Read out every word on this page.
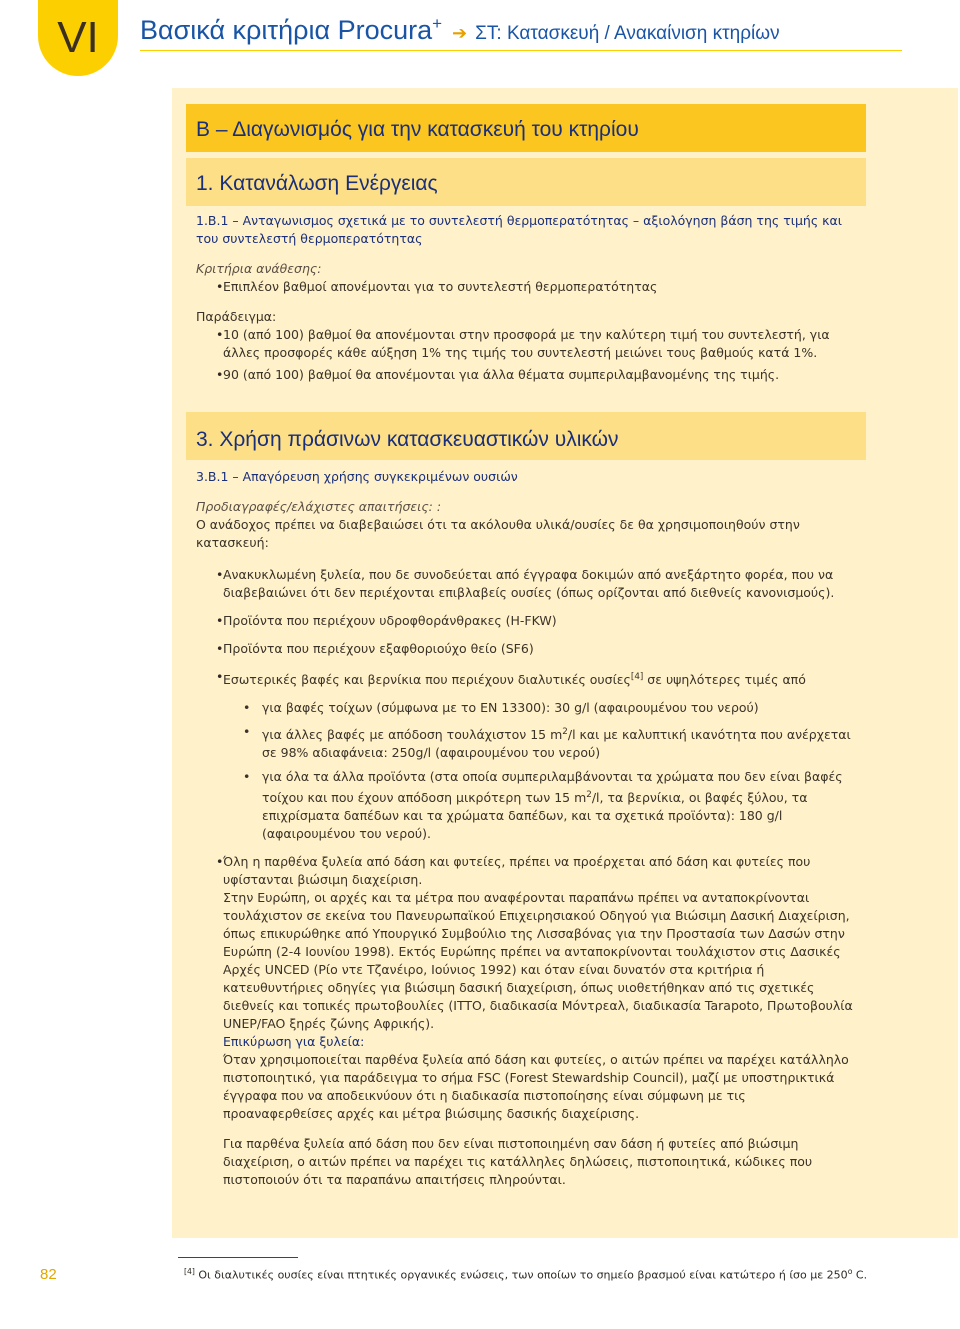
VI	Βασικά κριτήρια Procura+ ➔ ΣΤ: Κατασκευή / Ανακαίνιση κτηρίων
Β – Διαγωνισμός για την κατασκευή του κτηρίου
1. Κατανάλωση Ενέργειας

1.Β.1 – Ανταγωνισμος σχετικά με το συντελεστή θερμοπερατότητας – αξιολόγηση βάση της τιμής και του συντελεστή θερμοπερατότητας

Κριτήρια ανάθεσης:

• Επιπλέον βαθμοί απονέμονται για το συντελεστή θερμοπερατότητας

Παράδειγμα:

• 10 (από 100) βαθμοί θα απονέμονται στην προσφορά με την καλύτερη τιμή του συντελεστή, για άλλες προσφορές κάθε αύξηση 1% της τιμής του συντελεστή μειώνει τους βαθμούς κατά 1%.
• 90 (από 100) βαθμοί θα απονέμονται για άλλα θέματα συμπεριλαμβανομένης της τιμής.
3. Χρήση πράσινων κατασκευαστικών υλικών

3.Β.1 – Απαγόρευση χρήσης συγκεκριμένων ουσιών

Προδιαγραφές/ελάχιστες απαιτήσεις: :

Ο ανάδοχος πρέπει να διαβεβαιώσει ότι τα ακόλουθα υλικά/ουσίες δε θα χρησιμοποιηθούν στην κατασκευή:

• Ανακυκλωμένη ξυλεία, που δε συνοδεύεται από έγγραφα δοκιμών από ανεξάρτητο φορέα, που να διαβεβαιώνει ότι δεν περιέχονται επιβλαβείς ουσίες (όπως ορίζονται από διεθνείς κανονισμούς).
• Προϊόντα που περιέχουν υδροφθοράνθρακες (H-FKW)
• Προϊόντα που περιέχουν εξαφθοριούχο θείο (SF6)
• Εσωτερικές βαφές και βερνίκια που περιέχουν διαλυτικές ουσίες[4] σε υψηλότερες τιμές από
• για βαφές τοίχων (σύμφωνα με το EN 13300): 30 g/l (αφαιρουμένου του νερού)
• για άλλες βαφές με απόδοση τουλάχιστον 15 $m^2/l$ και με καλυπτική ικανότητα που ανέρχεται σε 98% αδιαφάνεια: 250g/l (αφαιρουμένου του νερού)
• για όλα τα άλλα προϊόντα (στα οποία συμπεριλαμβάνονται τα χρώματα που δεν είναι βαφές τοίχου και που έχουν απόδοση μικρότερη των 15 $m^2/l$, τα βερνίκια, οι βαφές ξύλου, τα επιχρίσματα δαπέδων και τα χρώματα δαπέδων, και τα σχετικά προϊόντα): 180 g/l (αφαιρουμένου του νερού).

• Όλη η παρθένα ξυλεία από δάση και φυτείες, πρέπει να προέρχεται από δάση και φυτείες που υφίστανται βιώσιμη διαχείριση.

Στην Ευρώπη, οι αρχές και τα μέτρα που αναφέρονται παραπάνω πρέπει να ανταποκρίνονται τουλάχιστον σε εκείνα του Πανευρωπαϊκού Επιχειρησιακού Οδηγού για Βιώσιμη Δασική Διαχείριση, όπως επικυρώθηκε από Υπουργικό Συμβούλιο της Λισσαβόνας για την Προστασία των Δασών στην Ευρώπη (2-4 Ιουνίου 1998). Εκτός Ευρώπης πρέπει να ανταποκρίνονται τουλάχιστον στις Δασικές Αρχές UNCED (Ρίο ντε Τζανέιρο, Ιούνιος 1992) και όταν είναι δυνατόν στα κριτήρια ή κατευθυντήριες οδηγίες για βιώσιμη δασική διαχείριση, όπως υιοθετήθηκαν από τις σχετικές διεθνείς και τοπικές πρωτοβουλίες (ITTO, διαδικασία Μόντρεαλ, διαδικασία Tarapoto, Πρωτοβουλία UNEP/FAO ξηρές ζώνης Αφρικής).

Επικύρωση για ξυλεία:

Όταν χρησιμοποιείται παρθένα ξυλεία από δάση και φυτείες, ο αιτών πρέπει να παρέχει κατάλληλο πιστοποιητικό, για παράδειγμα το σήμα FSC (Forest Stewardship Council), μαζί με υποστηρικτικά έγγραφα που να αποδεικνύουν ότι η διαδικασία πιστοποίησης είναι σύμφωνη με τις προαναφερθείσες αρχές και μέτρα βιώσιμης δασικής διαχείρισης.

Για παρθένα ξυλεία από δάση που δεν είναι πιστοποιημένη σαν δάση ή φυτείες από βιώσιμη διαχείριση, ο αιτών πρέπει να παρέχει τις κατάλληλες δηλώσεις, πιστοποιητικά, κώδικες που πιστοποιούν ότι τα παραπάνω απαιτήσεις πληρούνται.

82	[4] Οι διαλυτικές ουσίες είναι πτητικές οργανικές ενώσεις, των οποίων το σημείο βρασμού είναι κατώτερο ή ίσο με 250$^o$ C.
